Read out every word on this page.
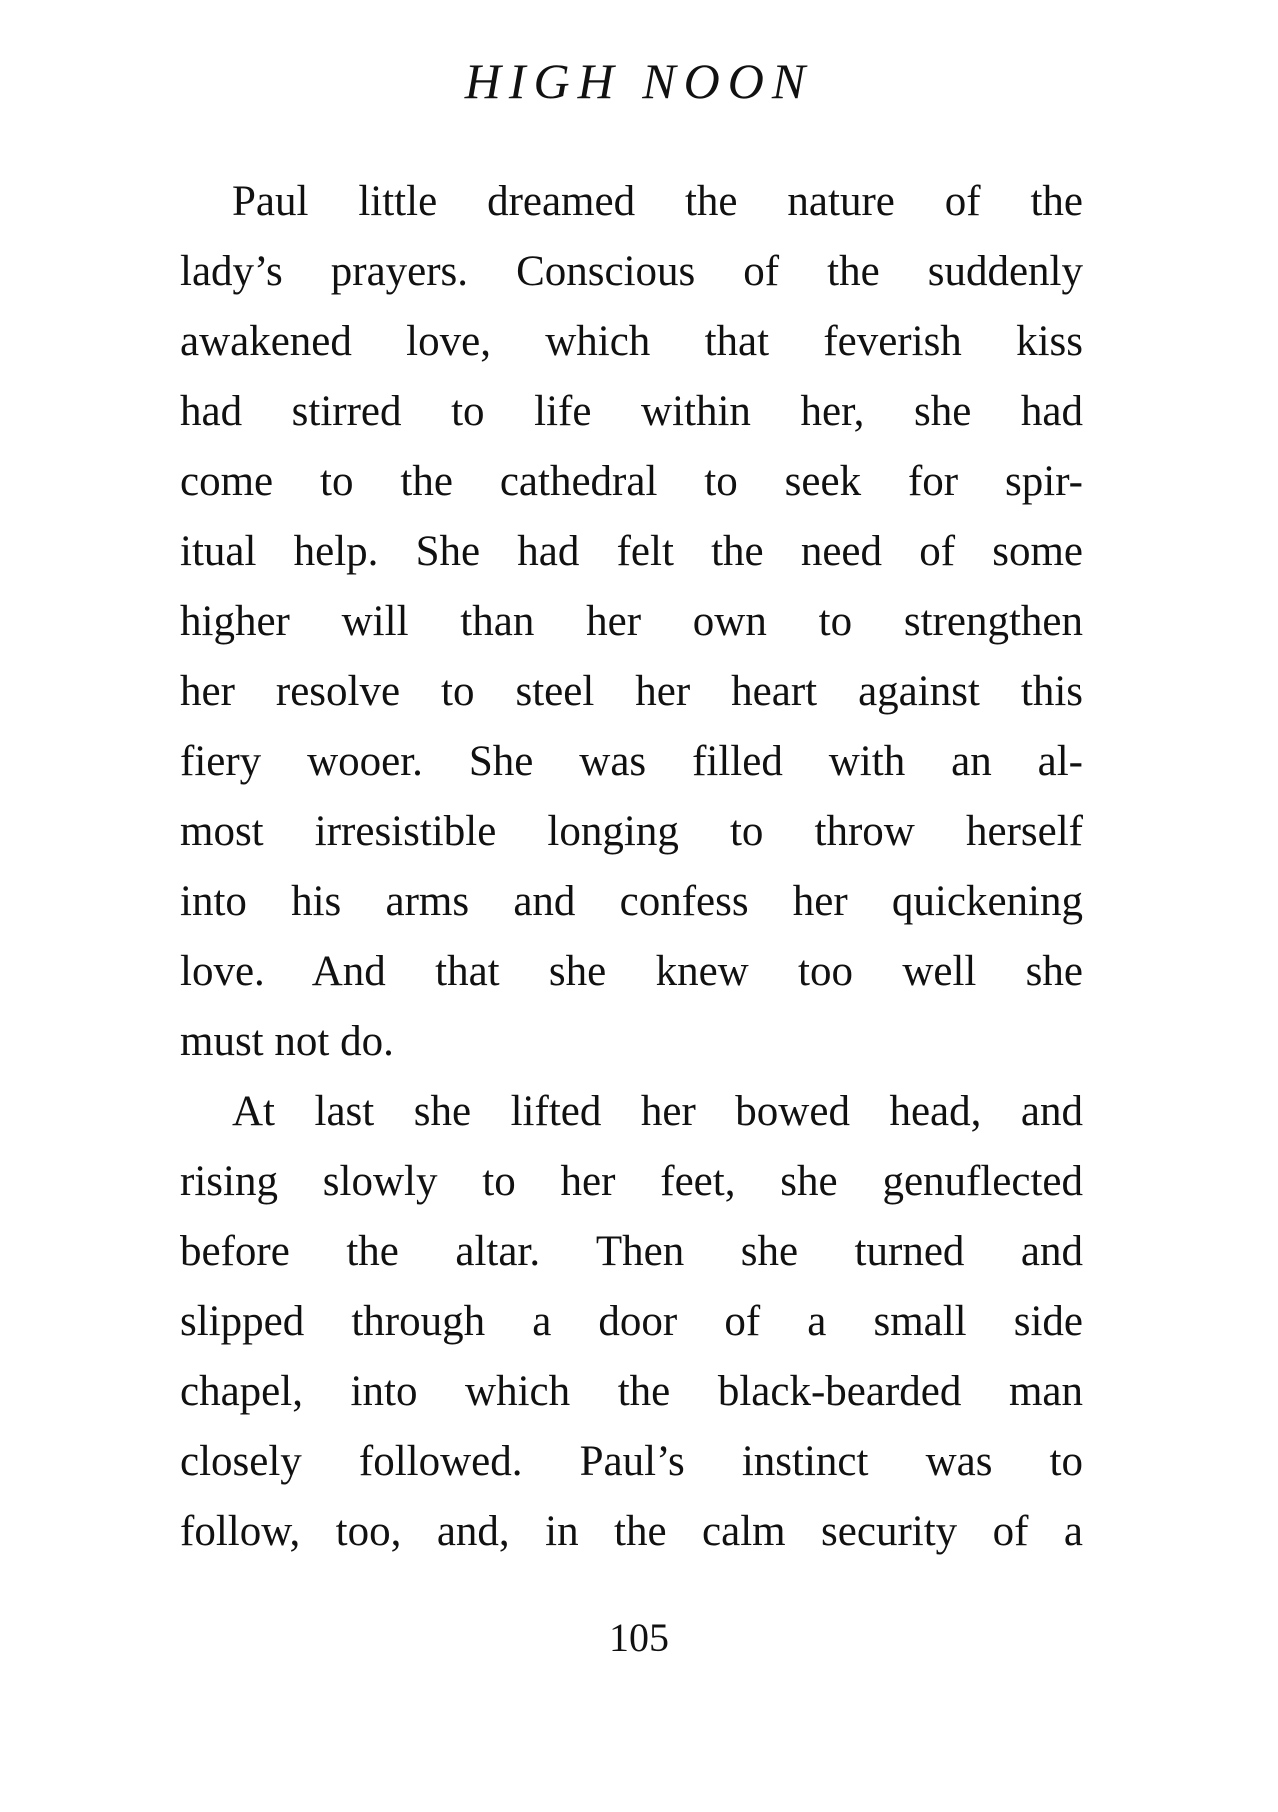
HIGH NOON
Paul little dreamed the nature of the
lady’s prayers. Conscious of the suddenly
awakened love, which that feverish kiss
had stirred to life within her, she had
come to the cathedral to seek for spir-
itual help. She had felt the need of some
higher will than her own to strengthen
her resolve to steel her heart against this
fiery wooer. She was filled with an al-
most irresistible longing to throw herself
into his arms and confess her quickening
love. And that she knew too well she
must not do.
At last she lifted her bowed head, and
rising slowly to her feet, she genuflected
before the altar. Then she turned and
slipped through a door of a small side
chapel, into which the black-bearded man
closely followed. Paul’s instinct was to
follow, too, and, in the calm security of a
105
